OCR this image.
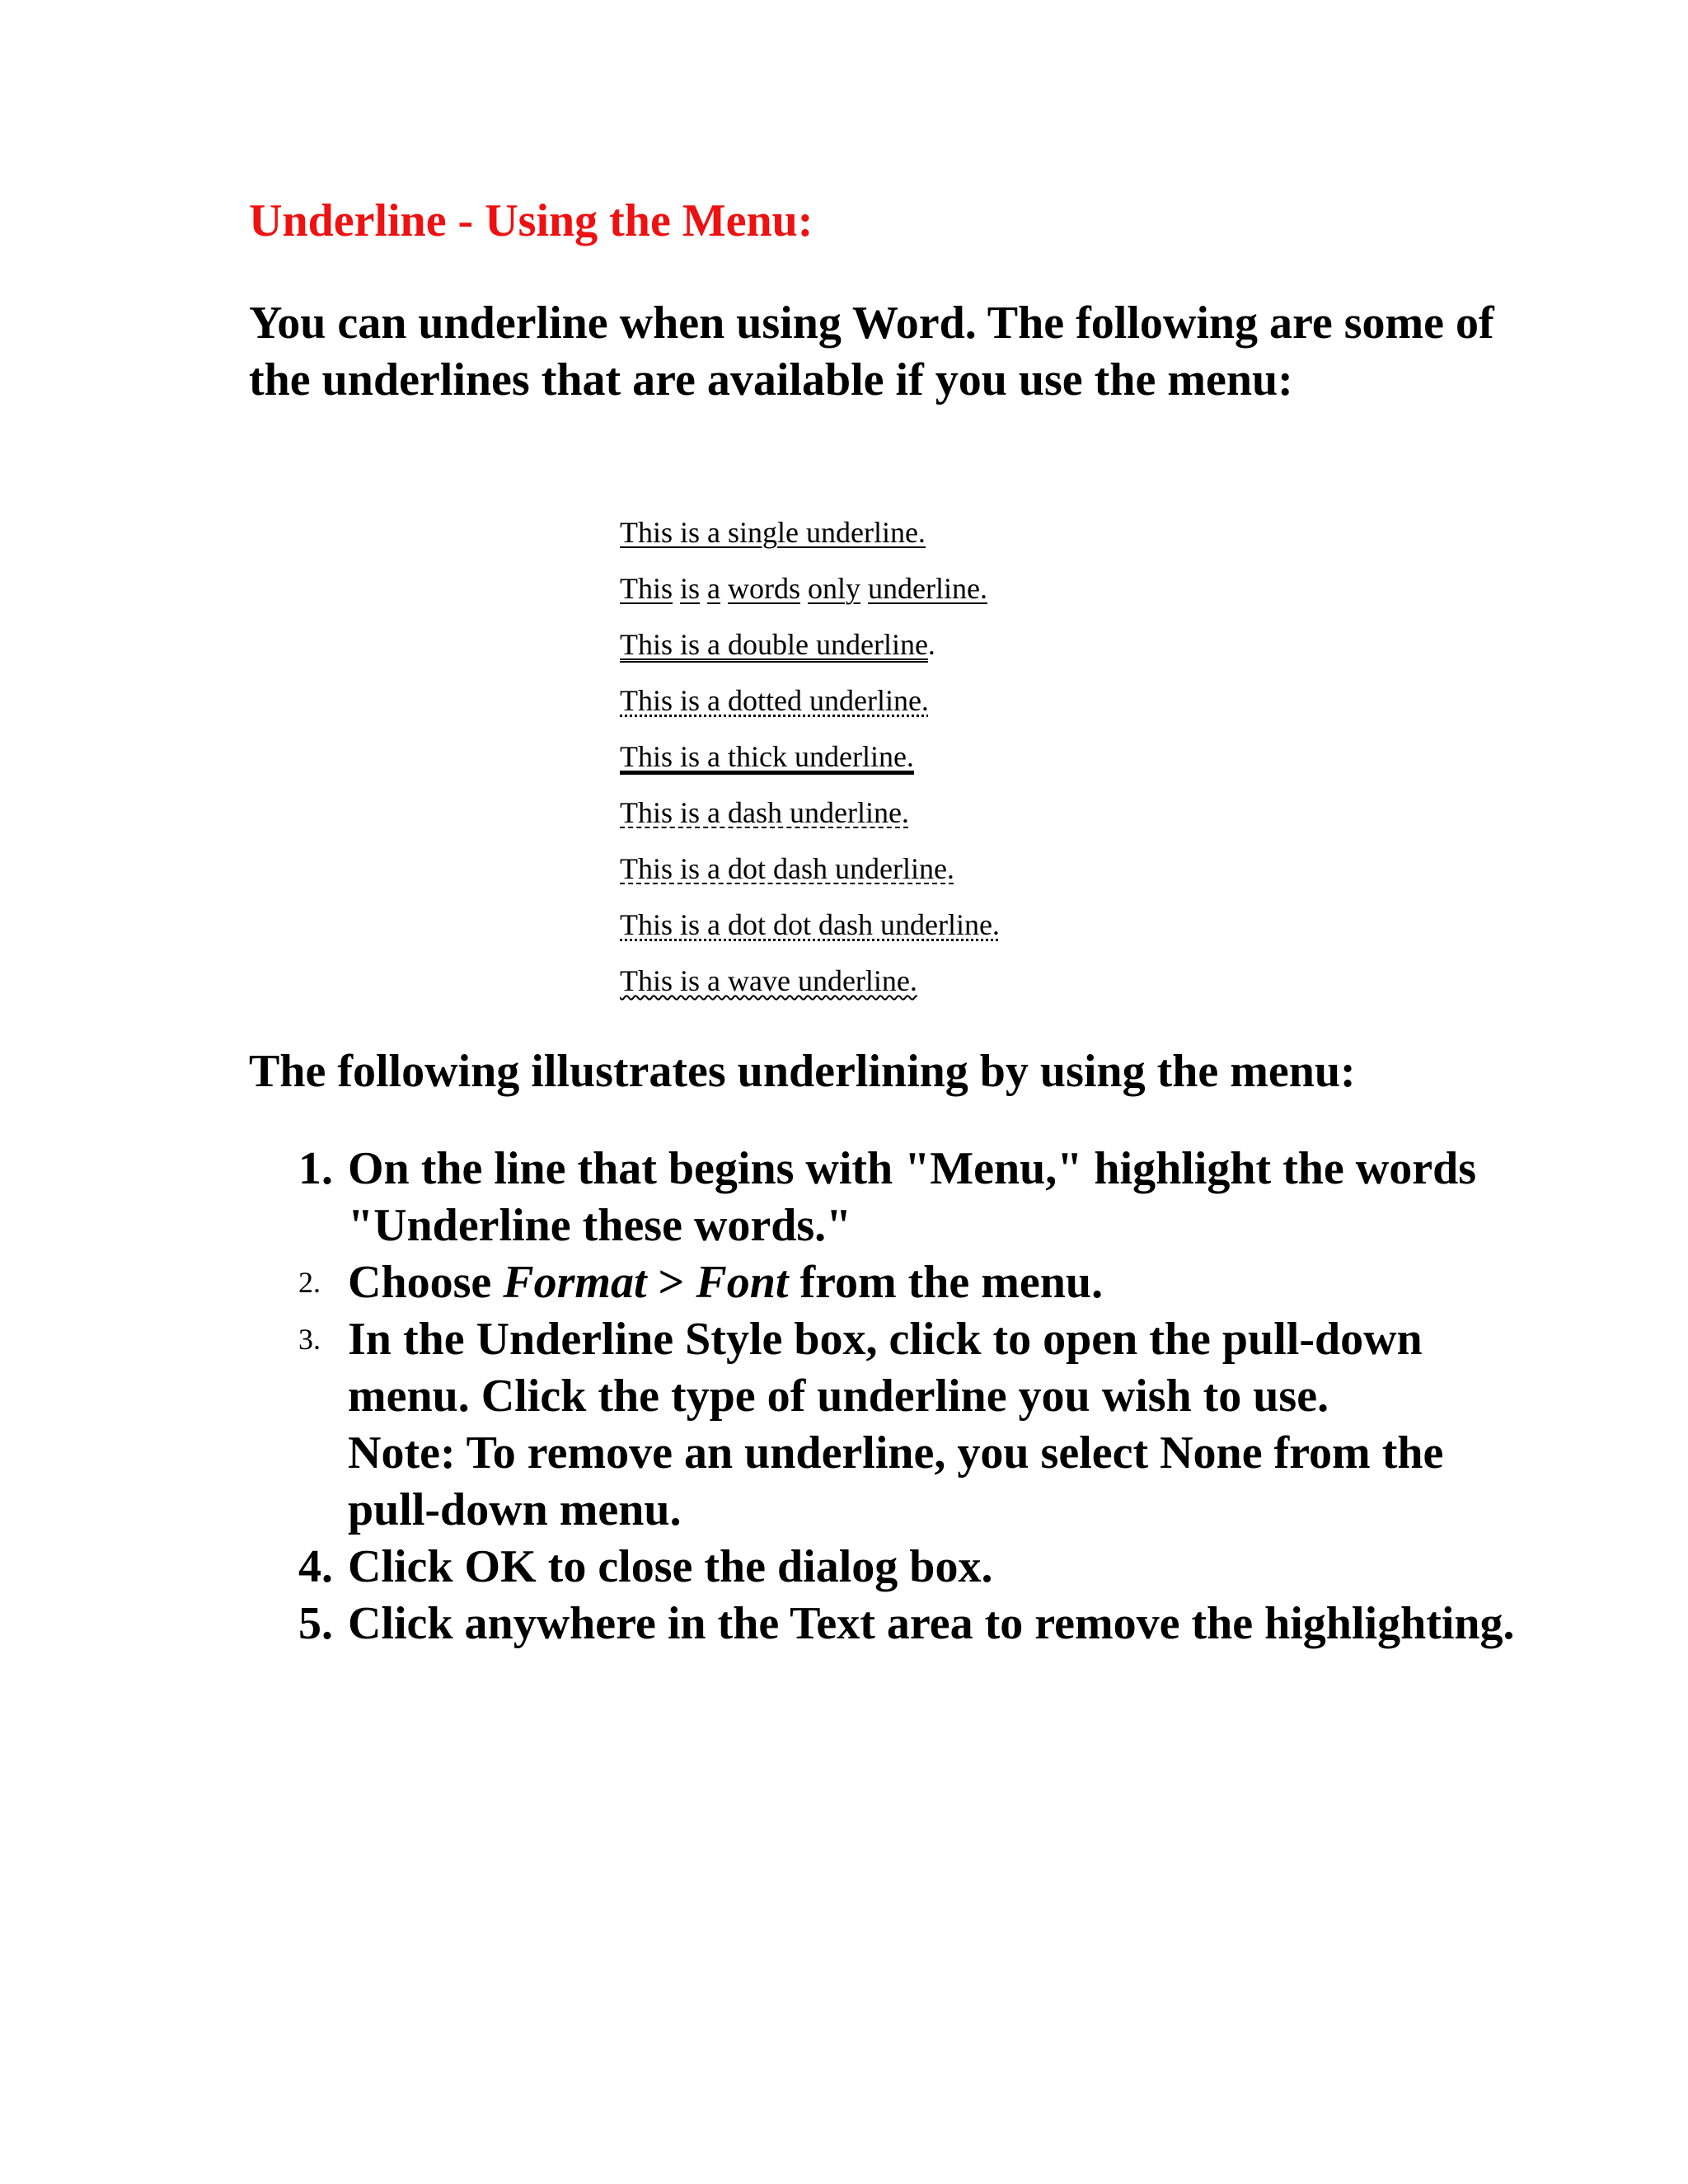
Underline - Using the Menu:

You can underline when using Word. The following are some of the underlines that are available if you use the menu:

This is a single underline.
This is a words only underline.
This is a double underline.
This is a dotted underline.
This is a thick underline.
This is a dash underline.
This is a dot dash underline.
This is a dot dot dash underline.
This is a wave underline.
The following illustrates underlining by using the menu:
1. On the line that begins with "Menu," highlight the words "Underline these words."
2. Choose Format > Font from the menu.
3. In the Underline Style box, click to open the pull-down menu. Click the type of underline you wish to use.
Note: To remove an underline, you select None from the pull-down menu.
4. Click OK to close the dialog box.
5. Click anywhere in the Text area to remove the highlighting.
